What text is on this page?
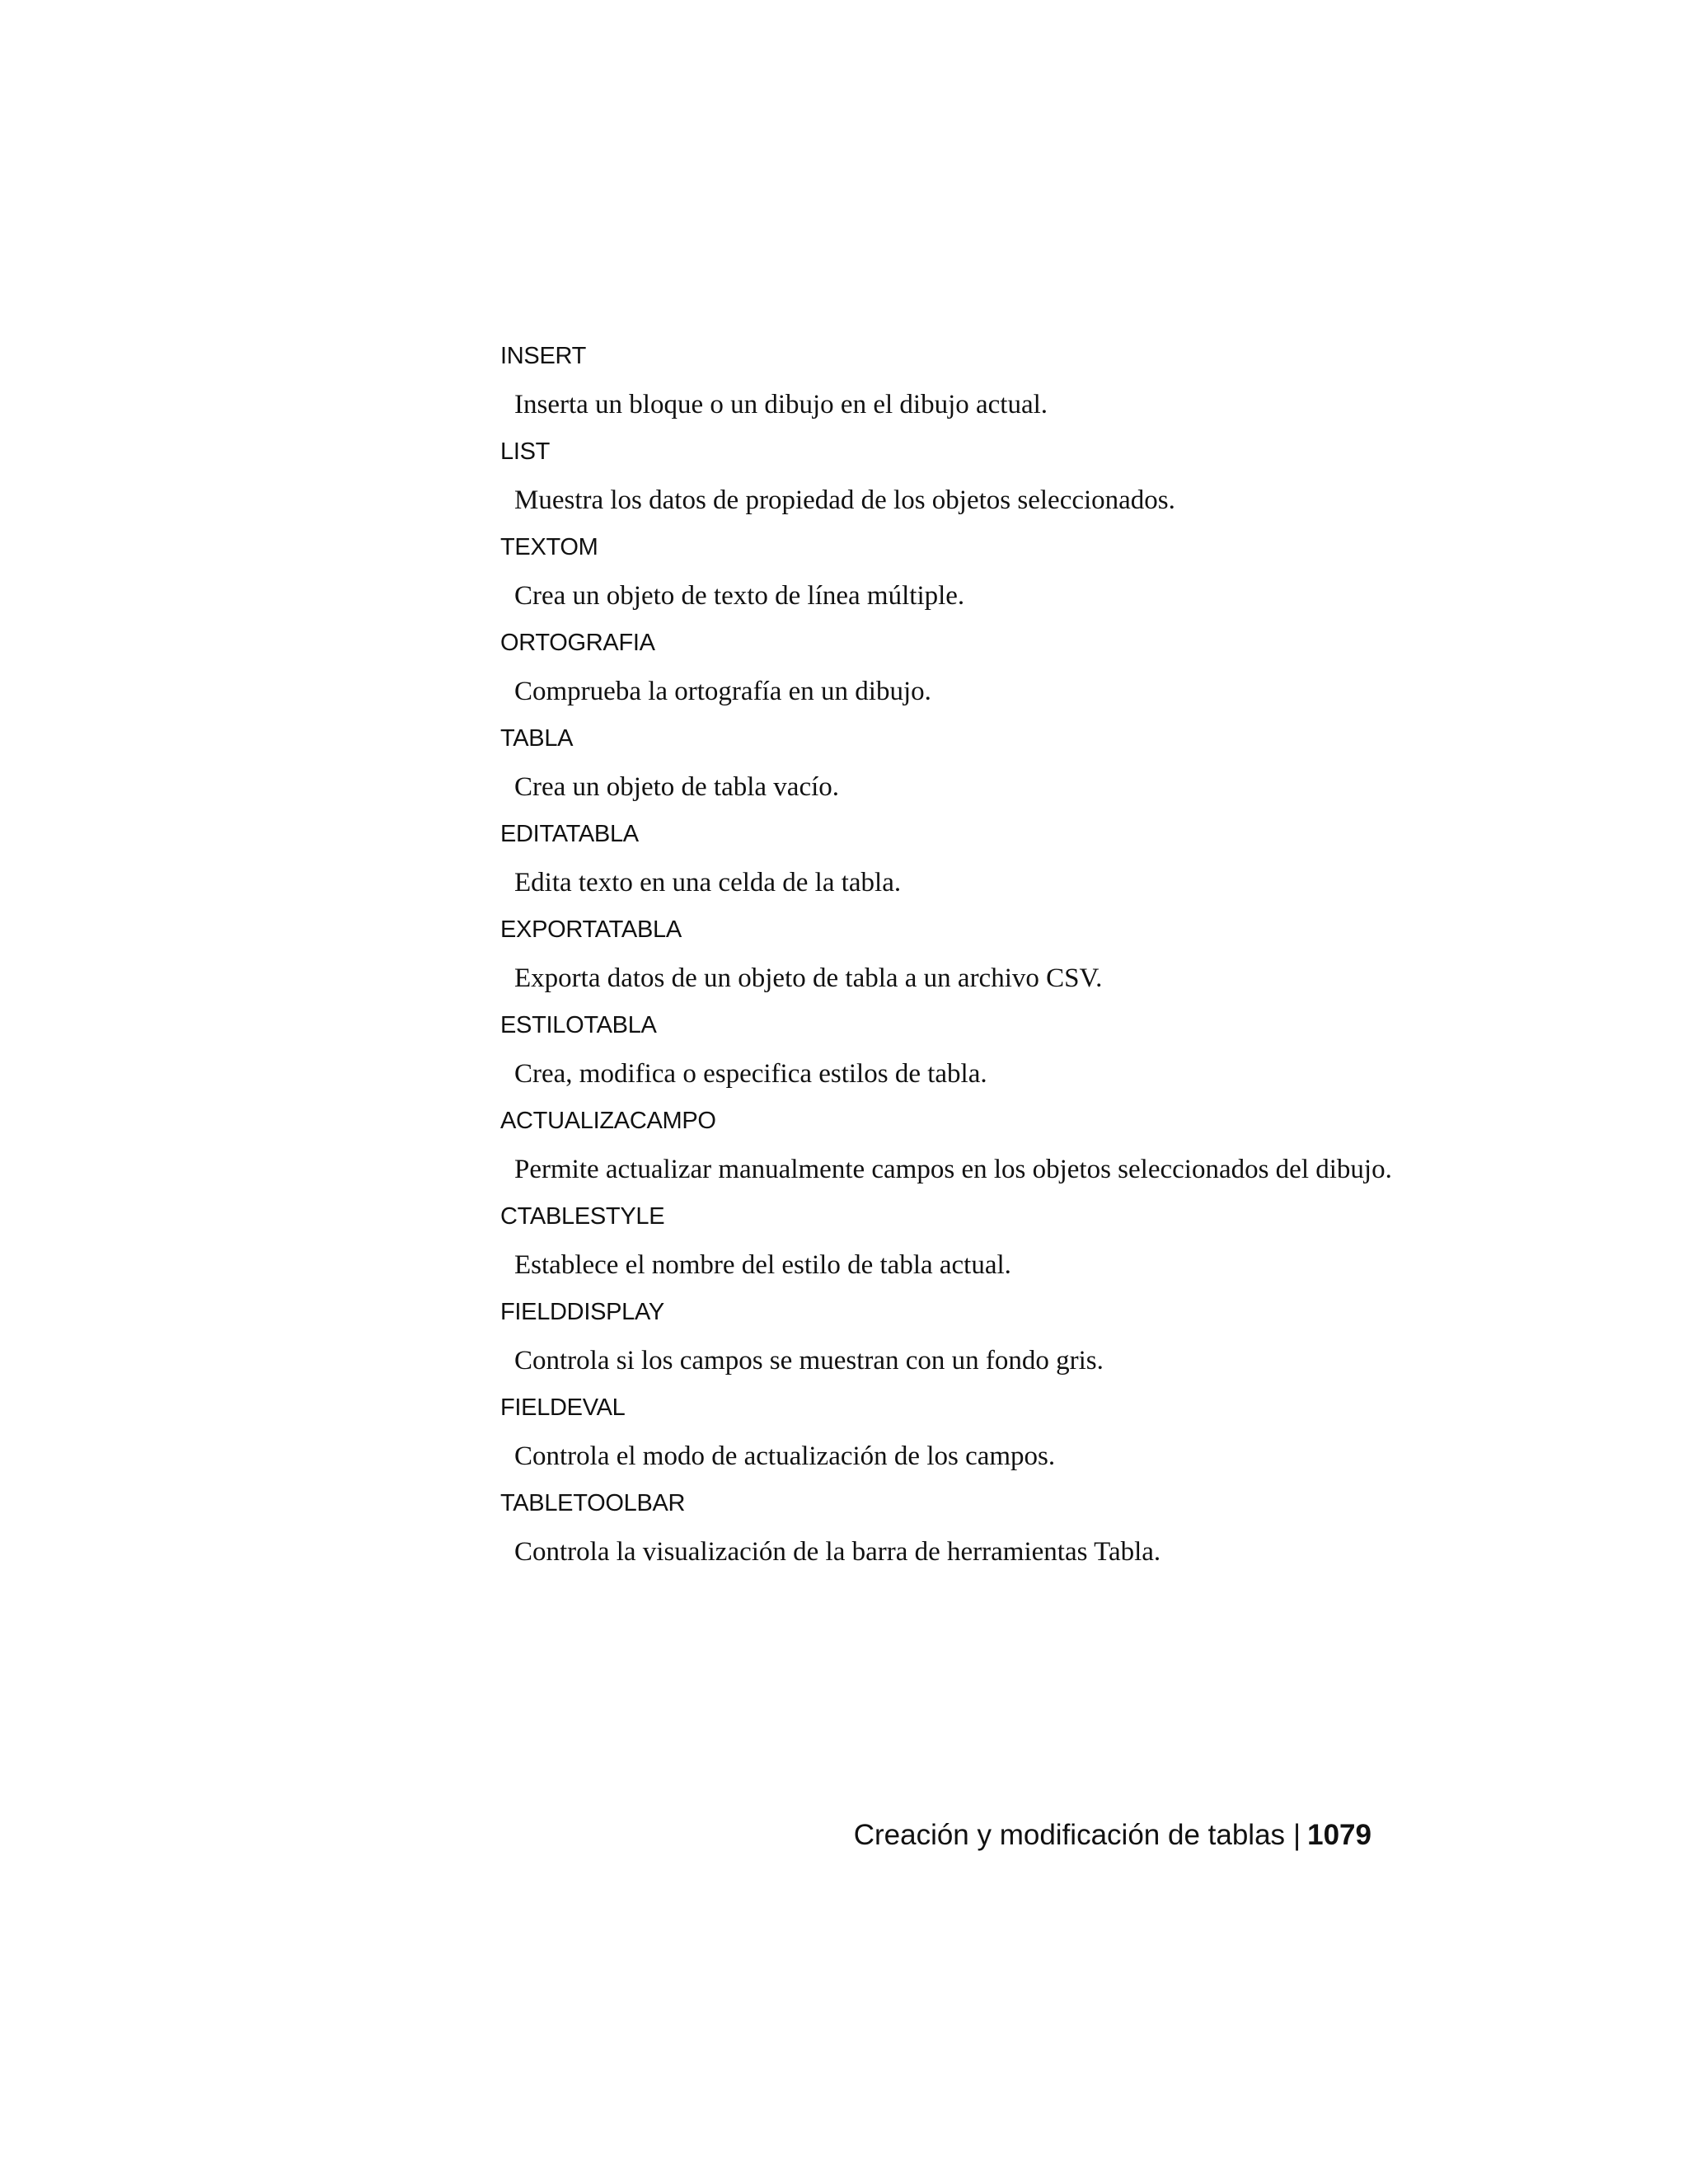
INSERT

Inserta un bloque o un dibujo en el dibujo actual.

LIST

Muestra los datos de propiedad de los objetos seleccionados.

TEXTOM

Crea un objeto de texto de línea múltiple.

ORTOGRAFIA

Comprueba la ortografía en un dibujo.

TABLA

Crea un objeto de tabla vacío.

EDITATABLA

Edita texto en una celda de la tabla.

EXPORTATABLA

Exporta datos de un objeto de tabla a un archivo CSV.

ESTILOTABLA

Crea, modifica o especifica estilos de tabla.

ACTUALIZACAMPO

Permite actualizar manualmente campos en los objetos seleccionados del dibujo.

CTABLESTYLE

Establece el nombre del estilo de tabla actual.

FIELDDISPLAY

Controla si los campos se muestran con un fondo gris.

FIELDEVAL

Controla el modo de actualización de los campos.

TABLETOOLBAR

Controla la visualización de la barra de herramientas Tabla.

Creación y modificación de tablas | 1079
